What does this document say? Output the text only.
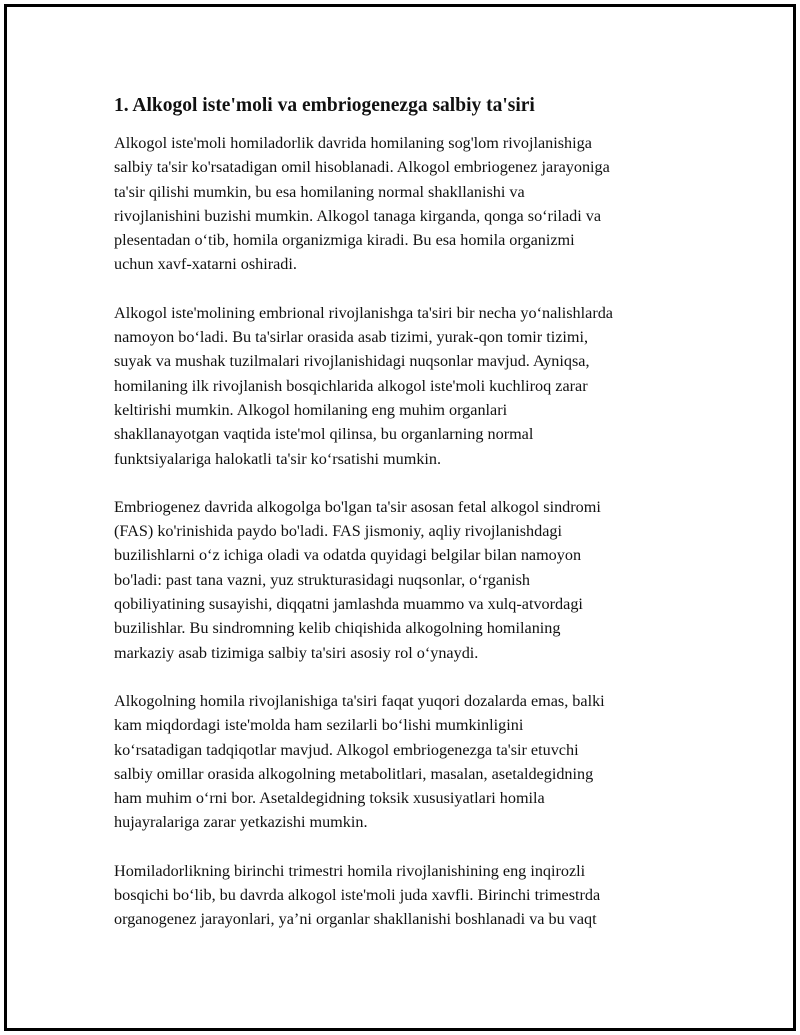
1. Alkogol iste'moli va embriogenezga salbiy ta'siri

Alkogol iste'moli homiladorlik davrida homilaning sog'lom rivojlanishiga
salbiy ta'sir ko'rsatadigan omil hisoblanadi. Alkogol embriogenez jarayoniga
ta'sir qilishi mumkin, bu esa homilaning normal shakllanishi va
rivojlanishini buzishi mumkin. Alkogol tanaga kirganda, qonga so‘riladi va
plesentadan o‘tib, homila organizmiga kiradi. Bu esa homila organizmi
uchun xavf-xatarni oshiradi.

Alkogol iste'molining embrional rivojlanishga ta'siri bir necha yo‘nalishlarda
namoyon bo‘ladi. Bu ta'sirlar orasida asab tizimi, yurak-qon tomir tizimi,
suyak va mushak tuzilmalari rivojlanishidagi nuqsonlar mavjud. Ayniqsa,
homilaning ilk rivojlanish bosqichlarida alkogol iste'moli kuchliroq zarar
keltirishi mumkin. Alkogol homilaning eng muhim organlari
shakllanayotgan vaqtida iste'mol qilinsa, bu organlarning normal
funktsiyalariga halokatli ta'sir ko‘rsatishi mumkin.

Embriogenez davrida alkogolga bo'lgan ta'sir asosan fetal alkogol sindromi
(FAS) ko'rinishida paydo bo'ladi. FAS jismoniy, aqliy rivojlanishdagi
buzilishlarni o‘z ichiga oladi va odatda quyidagi belgilar bilan namoyon
bo'ladi: past tana vazni, yuz strukturasidagi nuqsonlar, o‘rganish
qobiliyatining susayishi, diqqatni jamlashda muammo va xulq-atvordagi
buzilishlar. Bu sindromning kelib chiqishida alkogolning homilaning
markaziy asab tizimiga salbiy ta'siri asosiy rol o‘ynaydi.

Alkogolning homila rivojlanishiga ta'siri faqat yuqori dozalarda emas, balki
kam miqdordagi iste'molda ham sezilarli bo‘lishi mumkinligini
ko‘rsatadigan tadqiqotlar mavjud. Alkogol embriogenezga ta'sir etuvchi
salbiy omillar orasida alkogolning metabolitlari, masalan, asetaldegidning
ham muhim o‘rni bor. Asetaldegidning toksik xususiyatlari homila
hujayralariga zarar yetkazishi mumkin.

Homiladorlikning birinchi trimestri homila rivojlanishining eng inqirozli
bosqichi bo‘lib, bu davrda alkogol iste'moli juda xavfli. Birinchi trimestrda
organogenez jarayonlari, ya’ni organlar shakllanishi boshlanadi va bu vaqt
